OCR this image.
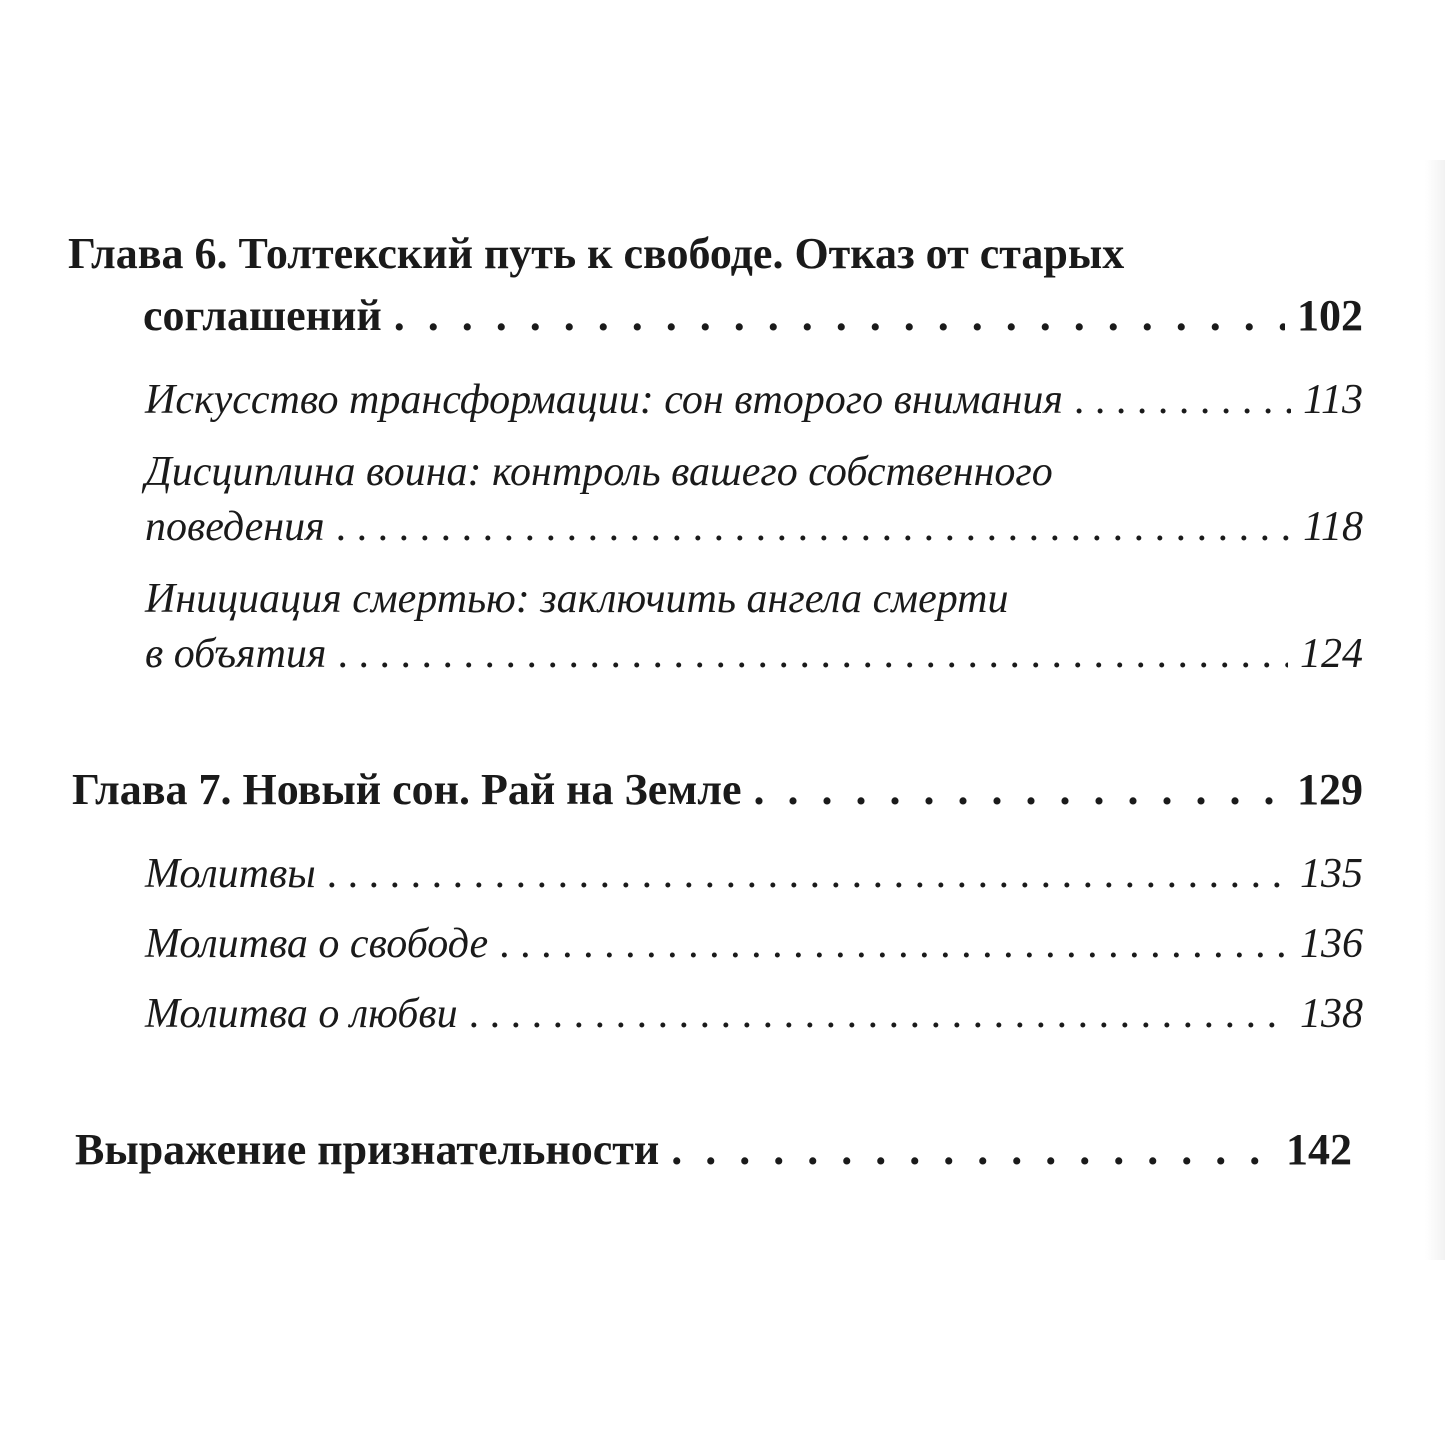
Глава 6. Толтекский путь к свободе. Отказ от старых
соглашений . . .	102
Искусство трансформации: сон второго внимания . . .	113
Дисциплина воина: контроль вашего собственного
поведения . . .	118
Инициация смертью: заключить ангела смерти
в объятия . . .	124
Глава 7. Новый сон. Рай на Земле . . .	129
Молитвы . . .	135
Молитва о свободе . . .	136
Молитва о любви . . .	138
Выражение признательности . . .	142
